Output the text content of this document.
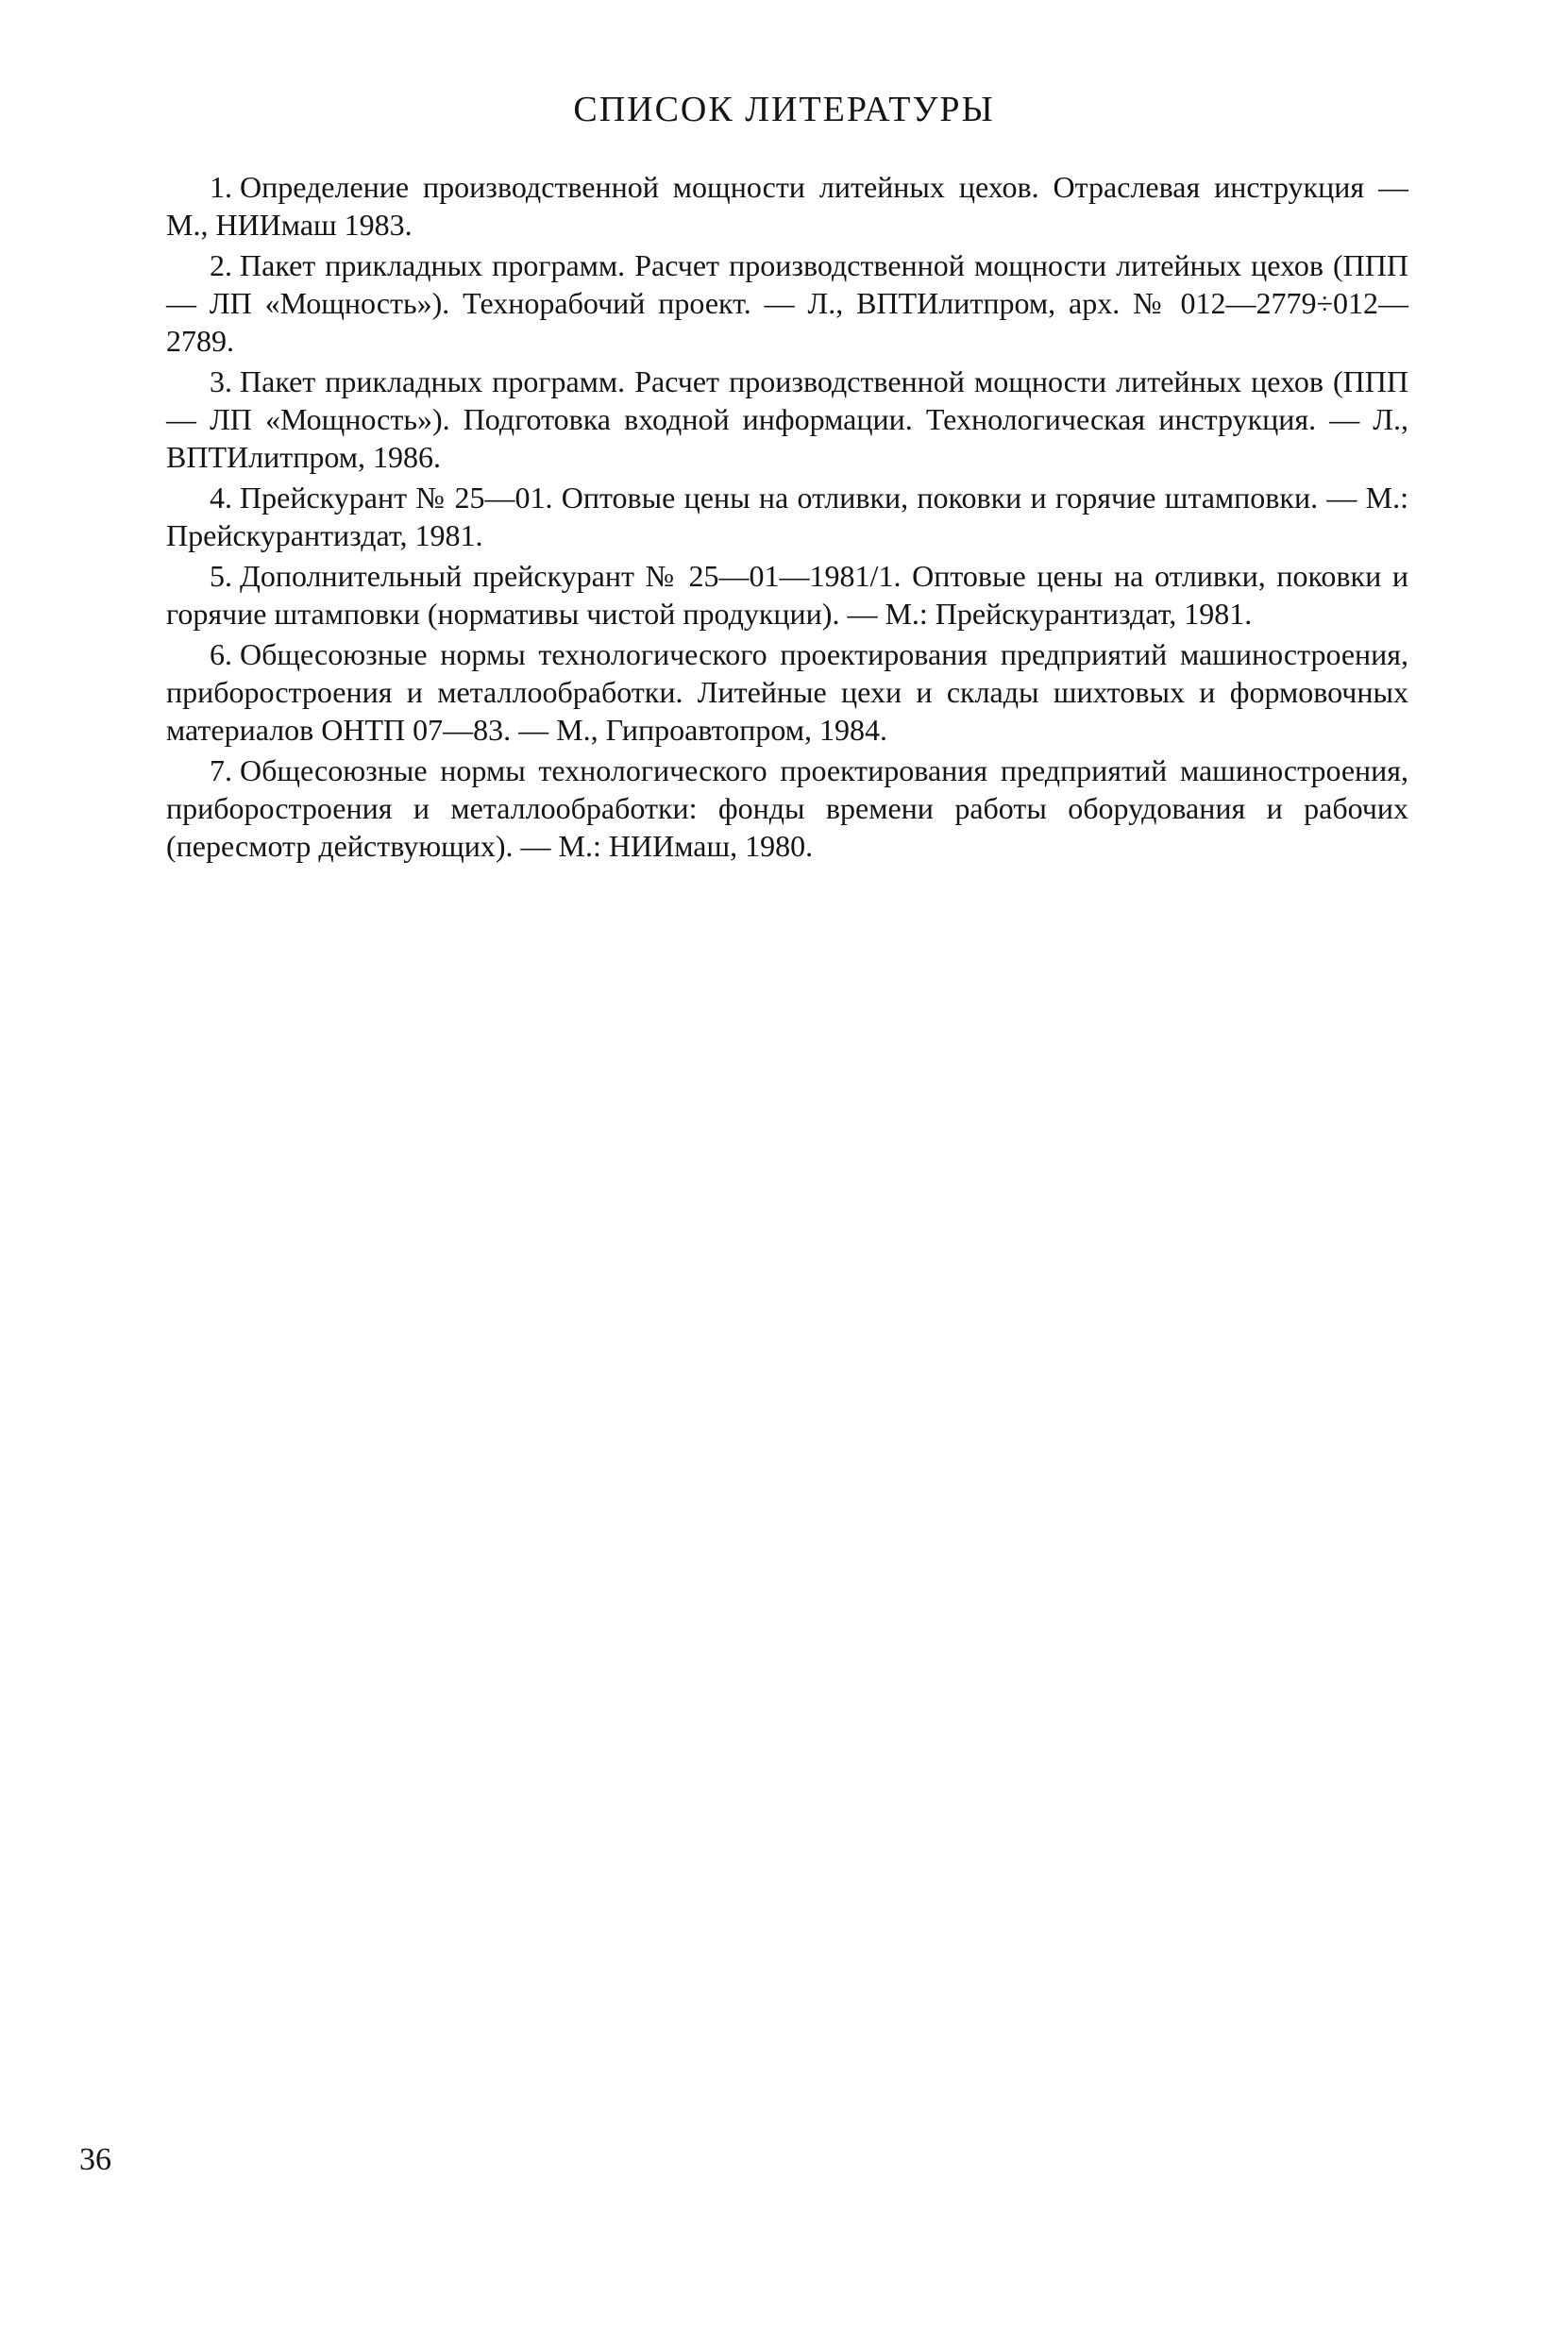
СПИСОК ЛИТЕРАТУРЫ
1. Определение производственной мощности литейных цехов. Отраслевая инструкция — М., НИИмаш 1983.
2. Пакет прикладных программ. Расчет производственной мощности литейных цехов (ППП — ЛП «Мощность»). Технорабочий проект. — Л., ВПТИлитпром, арх. № 012—2779÷012—2789.
3. Пакет прикладных программ. Расчет производственной мощности литейных цехов (ППП — ЛП «Мощность»). Подготовка входной информации. Технологическая инструкция. — Л., ВПТИлитпром, 1986.
4. Прейскурант № 25—01. Оптовые цены на отливки, поковки и горячие штамповки. — М.: Прейскурантиздат, 1981.
5. Дополнительный прейскурант № 25—01—1981/1. Оптовые цены на отливки, поковки и горячие штамповки (нормативы чистой продукции). — М.: Прейскурантиздат, 1981.
6. Общесоюзные нормы технологического проектирования предприятий машиностроения, приборостроения и металлообработки. Литейные цехи и склады шихтовых и формовочных материалов ОНТП 07—83. — М., Гипроавтопром, 1984.
7. Общесоюзные нормы технологического проектирования предприятий машиностроения, приборостроения и металлообработки: фонды времени работы оборудования и рабочих (пересмотр действующих). — М.: НИИмаш, 1980.
36
